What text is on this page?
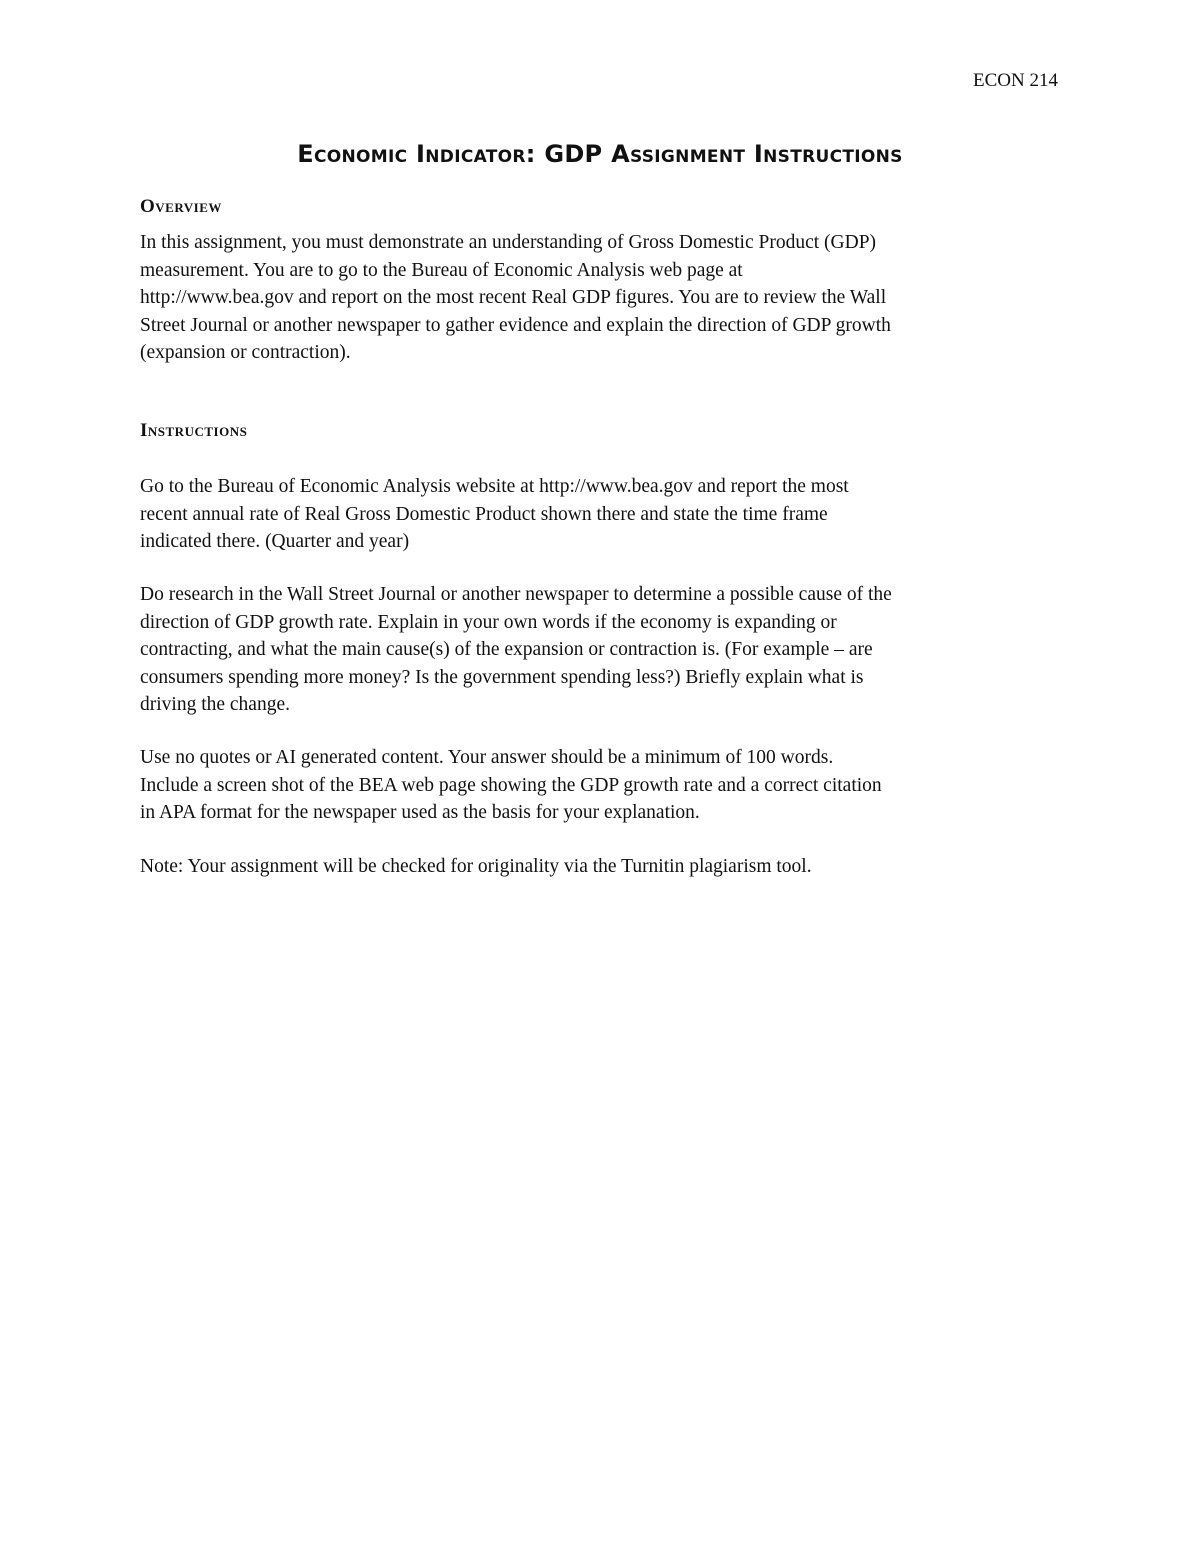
ECON 214
Economic Indicator: GDP Assignment Instructions
Overview
In this assignment, you must demonstrate an understanding of Gross Domestic Product (GDP)
measurement. You are to go to the Bureau of Economic Analysis web page at
http://www.bea.gov and report on the most recent Real GDP figures. You are to review the Wall
Street Journal or another newspaper to gather evidence and explain the direction of GDP growth
(expansion or contraction).
Instructions
Go to the Bureau of Economic Analysis website at http://www.bea.gov and report the most
recent annual rate of Real Gross Domestic Product shown there and state the time frame
indicated there. (Quarter and year)
Do research in the Wall Street Journal or another newspaper to determine a possible cause of the
direction of GDP growth rate. Explain in your own words if the economy is expanding or
contracting, and what the main cause(s) of the expansion or contraction is. (For example – are
consumers spending more money? Is the government spending less?) Briefly explain what is
driving the change.
Use no quotes or AI generated content. Your answer should be a minimum of 100 words.
Include a screen shot of the BEA web page showing the GDP growth rate and a correct citation
in APA format for the newspaper used as the basis for your explanation.
Note: Your assignment will be checked for originality via the Turnitin plagiarism tool.
